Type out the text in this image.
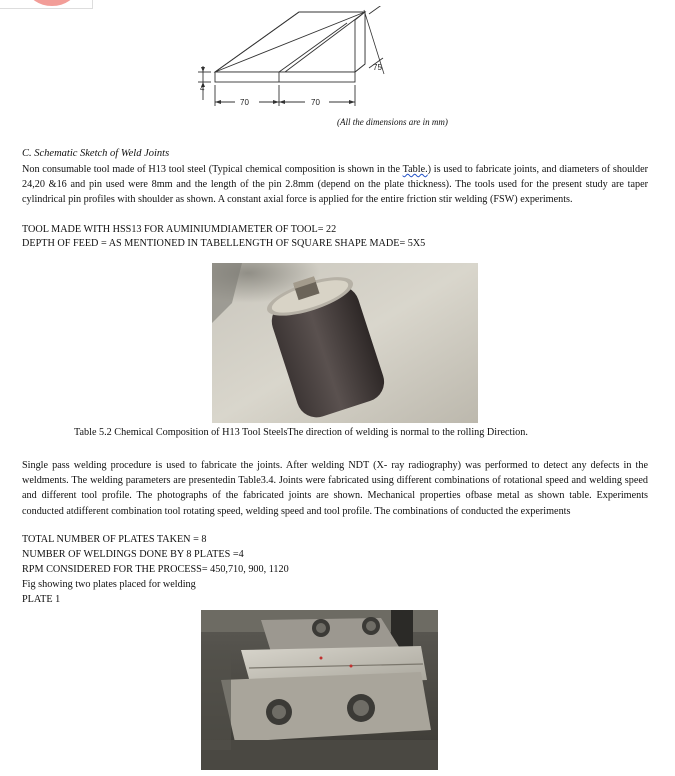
4
70	70
75
(All the dimensions are in mm)
C. Schematic Sketch of Weld Joints
Non consumable tool made of H13 tool steel (Typical chemical composition is shown in the Table.) is used to fabricate joints, and diameters of shoulder 24,20 &16 and pin used were 8mm and the length of the pin 2.8mm (depend on the plate thickness). The tools used for the present study are taper cylindrical pin profiles with shoulder as shown. A constant axial force is applied for the entire friction stir welding (FSW) experiments.
TOOL MADE WITH HSS13 FOR AUMINIUMDIAMETER OF TOOL= 22
DEPTH OF FEED = AS MENTIONED IN TABELLENGTH OF SQUARE SHAPE MADE= 5X5
Table 5.2 Chemical Composition of H13 Tool SteelsThe direction of welding is normal to the rolling Direction.
Single pass welding procedure is used to fabricate the joints. After welding NDT (X- ray radiography) was performed to detect any defects in the weldments. The welding parameters are presentedin Table3.4. Joints were fabricated using different combinations of rotational speed and welding speed and different tool profile. The photographs of the fabricated joints are shown. Mechanical properties ofbase metal as shown table. Experiments conducted atdifferent combination tool rotating speed, welding speed and tool profile. The combinations of conducted the experiments
TOTAL NUMBER OF PLATES TAKEN = 8
NUMBER OF WELDINGS DONE BY 8 PLATES =4
RPM CONSIDERED FOR THE PROCESS= 450,710, 900, 1120
Fig showing two plates placed for welding
PLATE 1
